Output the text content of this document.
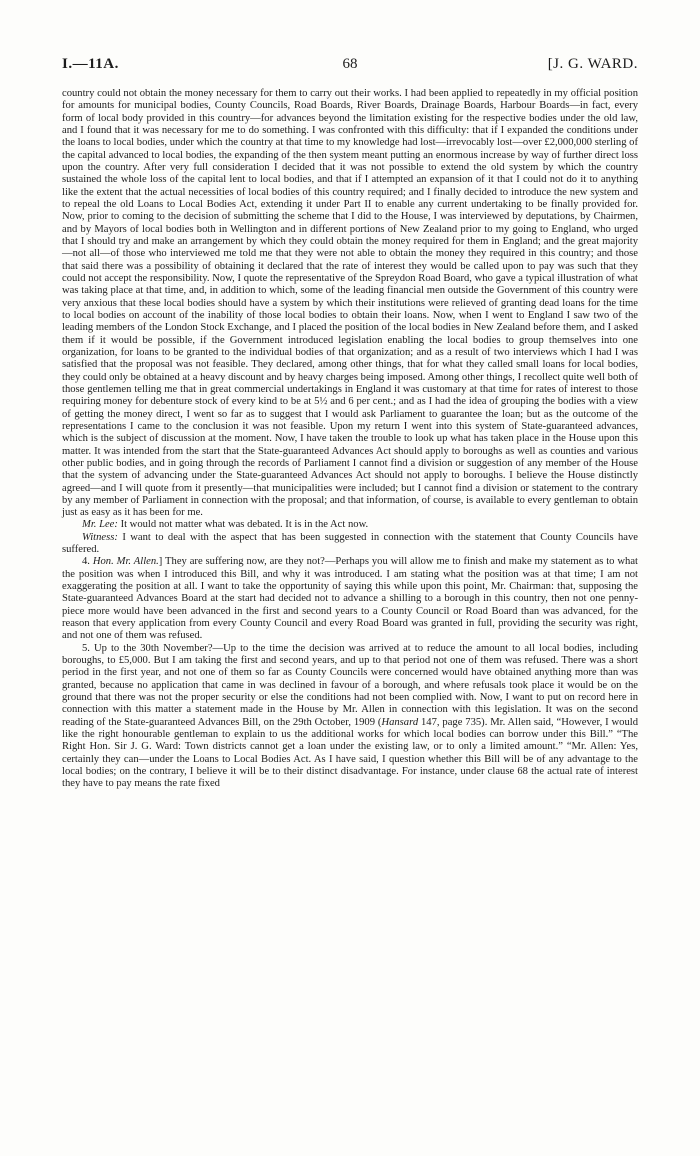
I.—11A.	68	[J. G. WARD.

country could not obtain the money necessary for them to carry out their works. I had been applied to repeatedly in my official position for amounts for municipal bodies, County Councils, Road Boards, River Boards, Drainage Boards, Harbour Boards—in fact, every form of local body provided in this country—for advances beyond the limitation existing for the respective bodies under the old law, and I found that it was necessary for me to do something. I was confronted with this difficulty: that if I expanded the conditions under the loans to local bodies, under which the country at that time to my knowledge had lost—irrevocably lost—over £2,000,000 sterling of the capital advanced to local bodies, the expanding of the then system meant putting an enormous increase by way of further direct loss upon the country. After very full consideration I decided that it was not possible to extend the old system by which the country sustained the whole loss of the capital lent to local bodies, and that if I attempted an expansion of it that I could not do it to anything like the extent that the actual necessities of local bodies of this country required; and I finally decided to introduce the new system and to repeal the old Loans to Local Bodies Act, extending it under Part II to enable any current undertaking to be finally provided for. Now, prior to coming to the decision of submitting the scheme that I did to the House, I was interviewed by deputations, by Chairmen, and by Mayors of local bodies both in Wellington and in different portions of New Zealand prior to my going to England, who urged that I should try and make an arrangement by which they could obtain the money required for them in England; and the great majority—not all—of those who interviewed me told me that they were not able to obtain the money they required in this country; and those that said there was a possibility of obtaining it declared that the rate of interest they would be called upon to pay was such that they could not accept the responsibility. Now, I quote the representative of the Spreydon Road Board, who gave a typical illustration of what was taking place at that time, and, in addition to which, some of the leading financial men outside the Government of this country were very anxious that these local bodies should have a system by which their institutions were relieved of granting dead loans for the time to local bodies on account of the inability of those local bodies to obtain their loans. Now, when I went to England I saw two of the leading members of the London Stock Exchange, and I placed the position of the local bodies in New Zealand before them, and I asked them if it would be possible, if the Government introduced legislation enabling the local bodies to group themselves into one organization, for loans to be granted to the individual bodies of that organization; and as a result of two interviews which I had I was satisfied that the proposal was not feasible. They declared, among other things, that for what they called small loans for local bodies, they could only be obtained at a heavy discount and by heavy charges being imposed. Among other things, I recollect quite well both of those gentlemen telling me that in great commercial undertakings in England it was customary at that time for rates of interest to those requiring money for debenture stock of every kind to be at 5½ and 6 per cent.; and as I had the idea of grouping the bodies with a view of getting the money direct, I went so far as to suggest that I would ask Parliament to guarantee the loan; but as the outcome of the representations I came to the conclusion it was not feasible. Upon my return I went into this system of State-guaranteed advances, which is the subject of discussion at the moment. Now, I have taken the trouble to look up what has taken place in the House upon this matter. It was intended from the start that the State-guaranteed Advances Act should apply to boroughs as well as counties and various other public bodies, and in going through the records of Parliament I cannot find a division or suggestion of any member of the House that the system of advancing under the State-guaranteed Advances Act should not apply to boroughs. I believe the House distinctly agreed—and I will quote from it presently—that municipalities were included; but I cannot find a division or statement to the contrary by any member of Parliament in connection with the proposal; and that information, of course, is available to every gentleman to obtain just as easy as it has been for me.

Mr. Lee: It would not matter what was debated. It is in the Act now.

Witness: I want to deal with the aspect that has been suggested in connection with the statement that County Councils have suffered.

4. Hon. Mr. Allen.] They are suffering now, are they not?—Perhaps you will allow me to finish and make my statement as to what the position was when I introduced this Bill, and why it was introduced. I am stating what the position was at that time; I am not exaggerating the position at all. I want to take the opportunity of saying this while upon this point, Mr. Chairman: that, supposing the State-guaranteed Advances Board at the start had decided not to advance a shilling to a borough in this country, then not one penny-piece more would have been advanced in the first and second years to a County Council or Road Board than was advanced, for the reason that every application from every County Council and every Road Board was granted in full, providing the security was right, and not one of them was refused.

5. Up to the 30th November?—Up to the time the decision was arrived at to reduce the amount to all local bodies, including boroughs, to £5,000. But I am taking the first and second years, and up to that period not one of them was refused. There was a short period in the first year, and not one of them so far as County Councils were concerned would have obtained anything more than was granted, because no application that came in was declined in favour of a borough, and where refusals took place it would be on the ground that there was not the proper security or else the conditions had not been complied with. Now, I want to put on record here in connection with this matter a statement made in the House by Mr. Allen in connection with this legislation. It was on the second reading of the State-guaranteed Advances Bill, on the 29th October, 1909 (Hansard 147, page 735). Mr. Allen said, “However, I would like the right honourable gentleman to explain to us the additional works for which local bodies can borrow under this Bill.” “The Right Hon. Sir J. G. Ward: Town districts cannot get a loan under the existing law, or to only a limited amount.” “Mr. Allen: Yes, certainly they can—under the Loans to Local Bodies Act. As I have said, I question whether this Bill will be of any advantage to the local bodies; on the contrary, I believe it will be to their distinct disadvantage. For instance, under clause 68 the actual rate of interest they have to pay means the rate fixed
